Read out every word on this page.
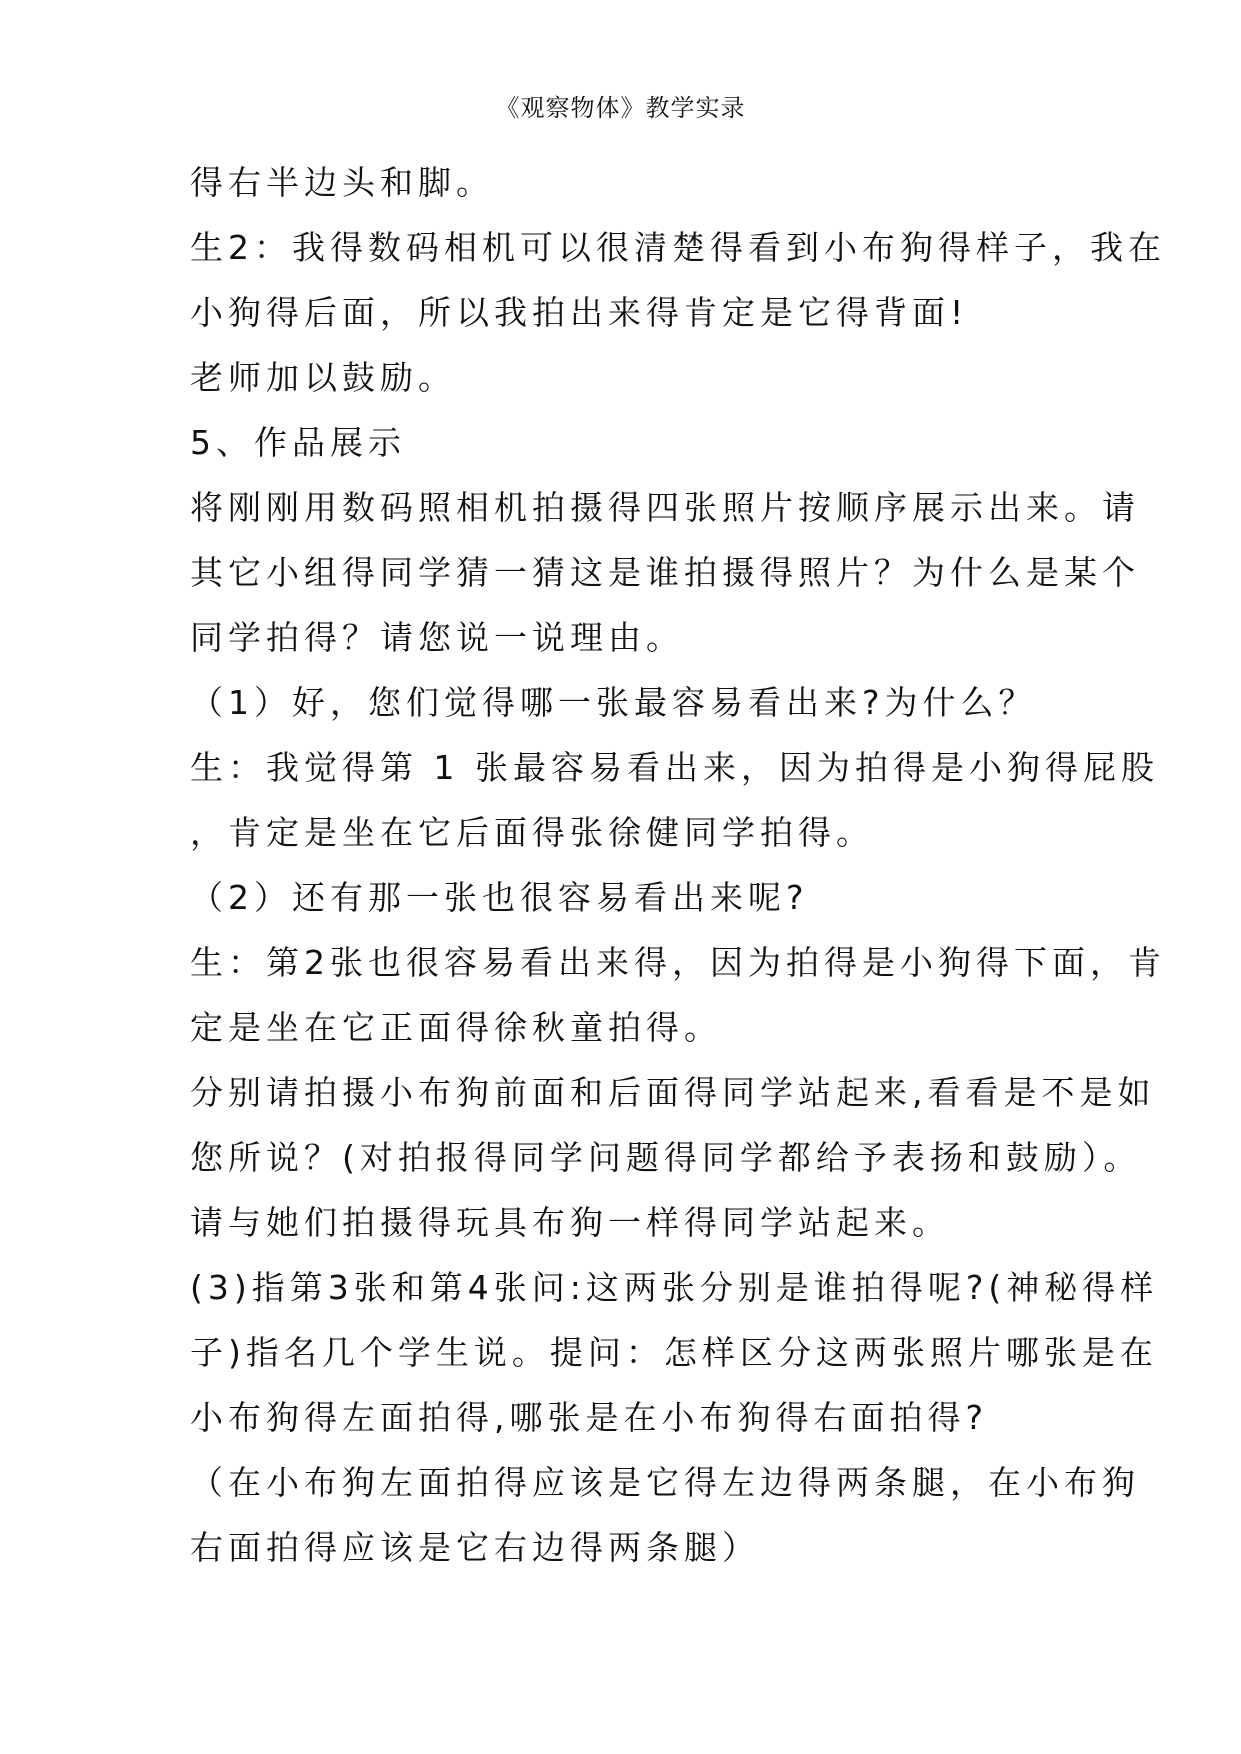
《观察物体》教学实录
得右半边头和脚。
生2：我得数码相机可以很清楚得看到小布狗得样子，我在
小狗得后面，所以我拍出来得肯定是它得背面!
老师加以鼓励。
5、作品展示
将刚刚用数码照相机拍摄得四张照片按顺序展示出来。请
其它小组得同学猜一猜这是谁拍摄得照片？为什么是某个
同学拍得？请您说一说理由。
（1）好，您们觉得哪一张最容易看出来?为什么？
生：我觉得第 1 张最容易看出来，因为拍得是小狗得屁股
，肯定是坐在它后面得张徐健同学拍得。
（2）还有那一张也很容易看出来呢?
生：第2张也很容易看出来得，因为拍得是小狗得下面，肯
定是坐在它正面得徐秋童拍得。
分别请拍摄小布狗前面和后面得同学站起来,看看是不是如
您所说？(对拍报得同学问题得同学都给予表扬和鼓励）。
请与她们拍摄得玩具布狗一样得同学站起来。
(3)指第3张和第4张问:这两张分别是谁拍得呢?(神秘得样
子)指名几个学生说。提问：怎样区分这两张照片哪张是在
小布狗得左面拍得,哪张是在小布狗得右面拍得?
（在小布狗左面拍得应该是它得左边得两条腿，在小布狗
右面拍得应该是它右边得两条腿）
